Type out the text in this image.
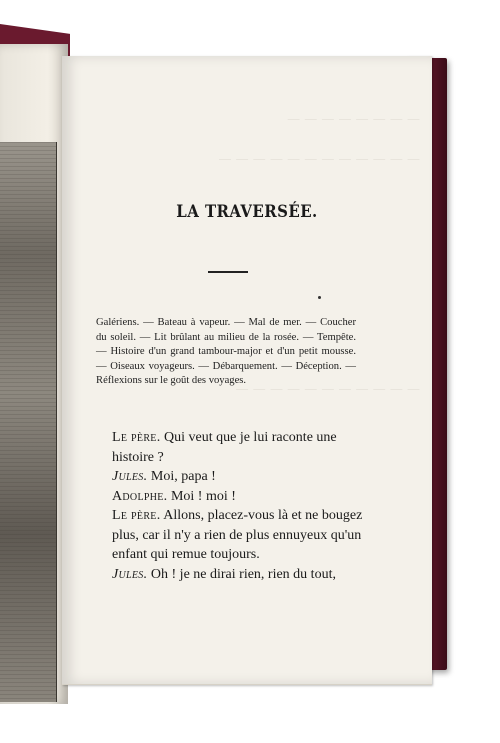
— — — — — — — —
— — — — — — — — — — — —
— — — — — — — — — — —
LA TRAVERSÉE.
Galériens. — Bateau à vapeur. — Mal de mer. — Coucher du soleil. — Lit brûlant au milieu de la rosée. — Tempête. — Histoire d'un grand tambour-major et d'un petit mousse. — Oiseaux voyageurs. — Débarquement. — Déception. — Réflexions sur le goût des voyages.

Le père. Qui veut que je lui raconte une histoire ?

Jules. Moi, papa !

Adolphe. Moi ! moi !

Le père. Allons, placez-vous là et ne bougez plus, car il n'y a rien de plus ennuyeux qu'un enfant qui remue toujours.

Jules. Oh ! je ne dirai rien, rien du tout,
